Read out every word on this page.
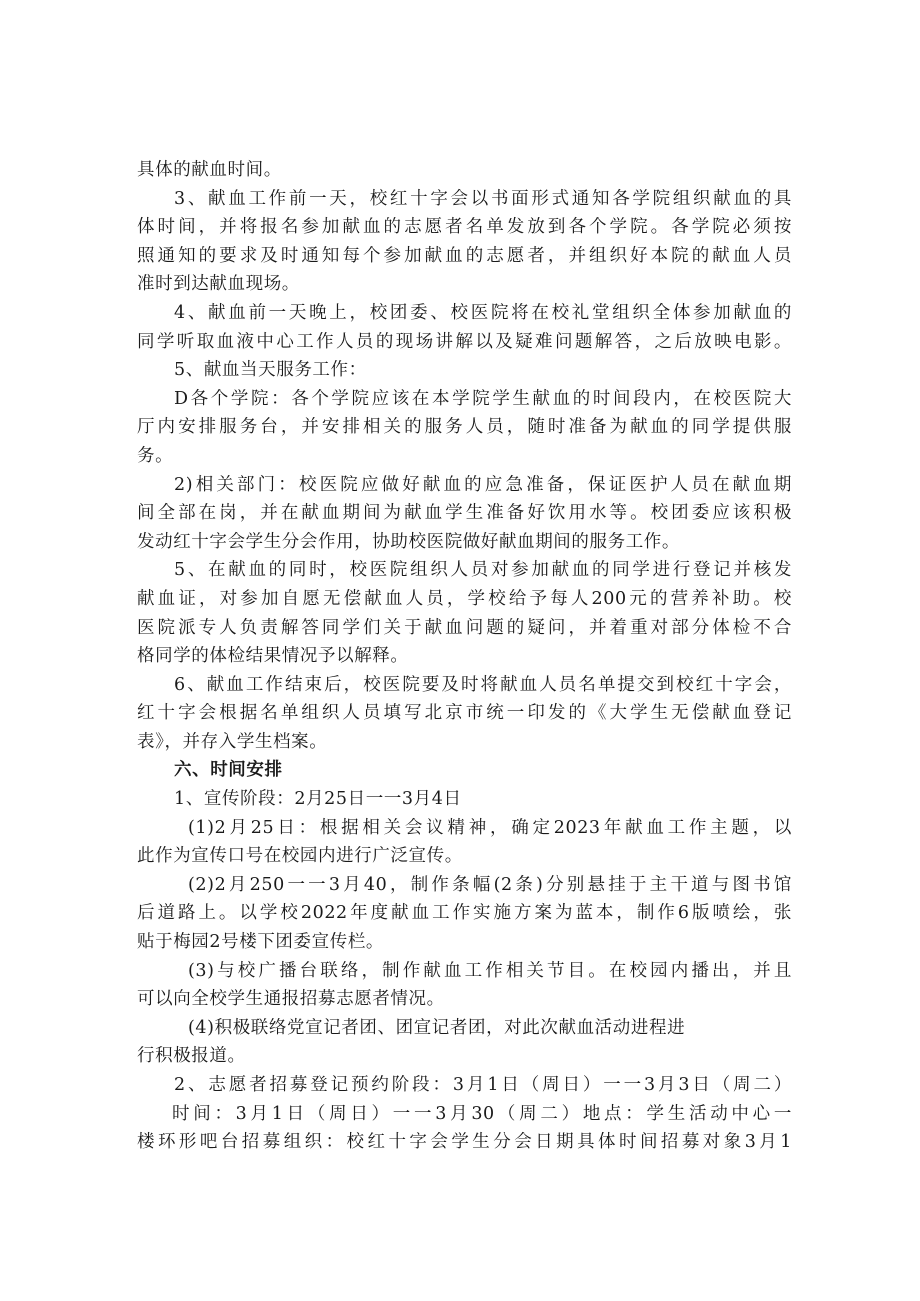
具体的献血时间。
3、献血工作前一天，校红十字会以书面形式通知各学院组织献血的具
体时间，并将报名参加献血的志愿者名单发放到各个学院。各学院必须按
照通知的要求及时通知每个参加献血的志愿者，并组织好本院的献血人员
准时到达献血现场。
4、献血前一天晚上，校团委、校医院将在校礼堂组织全体参加献血的
同学听取血液中心工作人员的现场讲解以及疑难问题解答，之后放映电影。
5、献血当天服务工作：
D各个学院：各个学院应该在本学院学生献血的时间段内，在校医院大
厅内安排服务台，并安排相关的服务人员，随时准备为献血的同学提供服
务。
2)相关部门：校医院应做好献血的应急准备，保证医护人员在献血期
间全部在岗，并在献血期间为献血学生准备好饮用水等。校团委应该积极
发动红十字会学生分会作用，协助校医院做好献血期间的服务工作。
5、在献血的同时，校医院组织人员对参加献血的同学进行登记并核发
献血证，对参加自愿无偿献血人员，学校给予每人200元的营养补助。校
医院派专人负责解答同学们关于献血问题的疑问，并着重对部分体检不合
格同学的体检结果情况予以解释。
6、献血工作结束后，校医院要及时将献血人员名单提交到校红十字会，
红十字会根据名单组织人员填写北京市统一印发的《大学生无偿献血登记
表》，并存入学生档案。
六、时间安排
1、宣传阶段：2月25日一一3月4日
(1)2月25日：根据相关会议精神，确定2023年献血工作主题，以
此作为宣传口号在校园内进行广泛宣传。
(2)2月250一一3月40，制作条幅(2条)分别悬挂于主干道与图书馆
后道路上。以学校2022年度献血工作实施方案为蓝本，制作6版喷绘，张
贴于梅园2号楼下团委宣传栏。
(3)与校广播台联络，制作献血工作相关节目。在校园内播出，并且
可以向全校学生通报招募志愿者情况。
(4)积极联络党宣记者团、团宣记者团，对此次献血活动进程进
行积极报道。
2、志愿者招募登记预约阶段：3月1日（周日）一一3月3日（周二）
时间：3月1日（周日）一一3月30（周二）地点：学生活动中心一
楼环形吧台招募组织：校红十字会学生分会日期具体时间招募对象3月1
